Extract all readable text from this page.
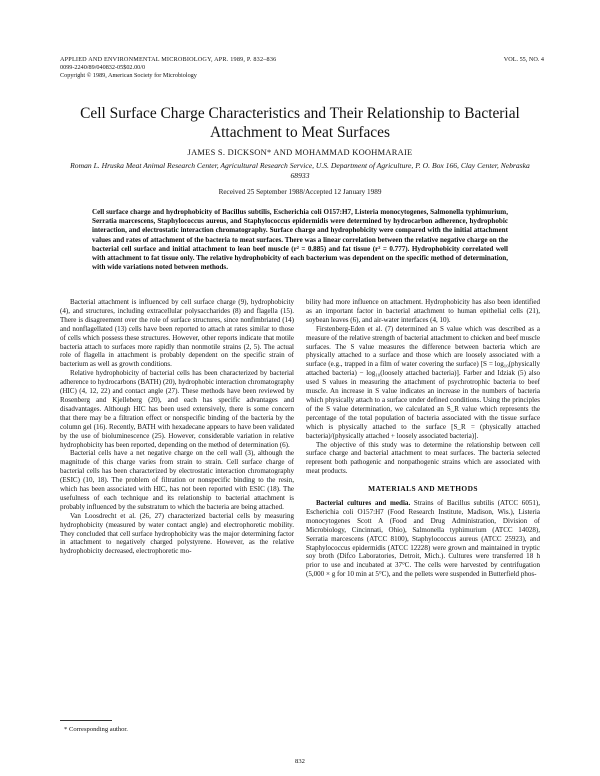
APPLIED AND ENVIRONMENTAL MICROBIOLOGY, APR. 1989, P. 832–836
0099-2240/89/040832-05$02.00/0
Copyright © 1989, American Society for Microbiology
VOL. 55, NO. 4
Cell Surface Charge Characteristics and Their Relationship to Bacterial Attachment to Meat Surfaces
JAMES S. DICKSON* AND MOHAMMAD KOOHMARAIE
Roman L. Hruska Meat Animal Research Center, Agricultural Research Service, U.S. Department of Agriculture, P. O. Box 166, Clay Center, Nebraska 68933
Received 25 September 1988/Accepted 12 January 1989
Cell surface charge and hydrophobicity of Bacillus subtilis, Escherichia coli O157:H7, Listeria monocytogenes, Salmonella typhimurium, Serratia marcescens, Staphylococcus aureus, and Staphylococcus epidermidis were determined by hydrocarbon adherence, hydrophobic interaction, and electrostatic interaction chromatography. Surface charge and hydrophobicity were compared with the initial attachment values and rates of attachment of the bacteria to meat surfaces. There was a linear correlation between the relative negative charge on the bacterial cell surface and initial attachment to lean beef muscle (r² = 0.885) and fat tissue (r² = 0.777). Hydrophobicity correlated well with attachment to fat tissue only. The relative hydrophobicity of each bacterium was dependent on the specific method of determination, with wide variations noted between methods.

Bacterial attachment is influenced by cell surface charge (9), hydrophobicity (4), and structures, including extracellular polysaccharides (8) and flagella (15). There is disagreement over the role of surface structures, since nonfimbriated (14) and nonflagellated (13) cells have been reported to attach at rates similar to those of cells which possess these structures. However, other reports indicate that motile bacteria attach to surfaces more rapidly than nonmotile strains (2, 5). The actual role of flagella in attachment is probably dependent on the specific strain of bacterium as well as growth conditions.

Relative hydrophobicity of bacterial cells has been characterized by bacterial adherence to hydrocarbons (BATH) (20), hydrophobic interaction chromatography (HIC) (4, 12, 22) and contact angle (27). These methods have been reviewed by Rosenberg and Kjelleberg (20), and each has specific advantages and disadvantages. Although HIC has been used extensively, there is some concern that there may be a filtration effect or nonspecific binding of the bacteria by the column gel (16). Recently, BATH with hexadecane appears to have been validated by the use of bioluminescence (25). However, considerable variation in relative hydrophobicity has been reported, depending on the method of determination (6).

Bacterial cells have a net negative charge on the cell wall (3), although the magnitude of this charge varies from strain to strain. Cell surface charge of bacterial cells has been characterized by electrostatic interaction chromatography (ESIC) (10, 18). The problem of filtration or nonspecific binding to the resin, which has been associated with HIC, has not been reported with ESIC (18). The usefulness of each technique and its relationship to bacterial attachment is probably influenced by the substratum to which the bacteria are being attached.

Van Loosdrecht et al. (26, 27) characterized bacterial cells by measuring hydrophobicity (measured by water contact angle) and electrophoretic mobility. They concluded that cell surface hydrophobicity was the major determining factor in attachment to negatively charged polystyrene. However, as the relative hydrophobicity decreased, electrophoretic mo-

bility had more influence on attachment. Hydrophobicity has also been identified as an important factor in bacterial attachment to human epithelial cells (21), soybean leaves (6), and air-water interfaces (4, 10).

Firstenberg-Eden et al. (7) determined an S value which was described as a measure of the relative strength of bacterial attachment to chicken and beef muscle surfaces. The S value measures the difference between bacteria which are physically attached to a surface and those which are loosely associated with a surface (e.g., trapped in a film of water covering the surface) [S = log₁₀(physically attached bacteria) − log₁₀(loosely attached bacteria)]. Farber and Idziak (5) also used S values in measuring the attachment of psychrotrophic bacteria to beef muscle. An increase in S value indicates an increase in the numbers of bacteria which physically attach to a surface under defined conditions. Using the principles of the S value determination, we calculated an S_R value which represents the percentage of the total population of bacteria associated with the tissue surface which is physically attached to the surface [S_R = (physically attached bacteria)/(physically attached + loosely associated bacteria)].

The objective of this study was to determine the relationship between cell surface charge and bacterial attachment to meat surfaces. The bacteria selected represent both pathogenic and nonpathogenic strains which are associated with meat products.

MATERIALS AND METHODS

Bacterial cultures and media. Strains of Bacillus subtilis (ATCC 6051), Escherichia coli O157:H7 (Food Research Institute, Madison, Wis.), Listeria monocytogenes Scott A (Food and Drug Administration, Division of Microbiology, Cincinnati, Ohio), Salmonella typhimurium (ATCC 14028), Serratia marcescens (ATCC 8100), Staphylococcus aureus (ATCC 25923), and Staphylococcus epidermidis (ATCC 12228) were grown and maintained in tryptic soy broth (Difco Laboratories, Detroit, Mich.). Cultures were transferred 18 h prior to use and incubated at 37°C. The cells were harvested by centrifugation (5,000 × g for 10 min at 5°C), and the pellets were suspended in Butterfield phos-

* Corresponding author.
832
